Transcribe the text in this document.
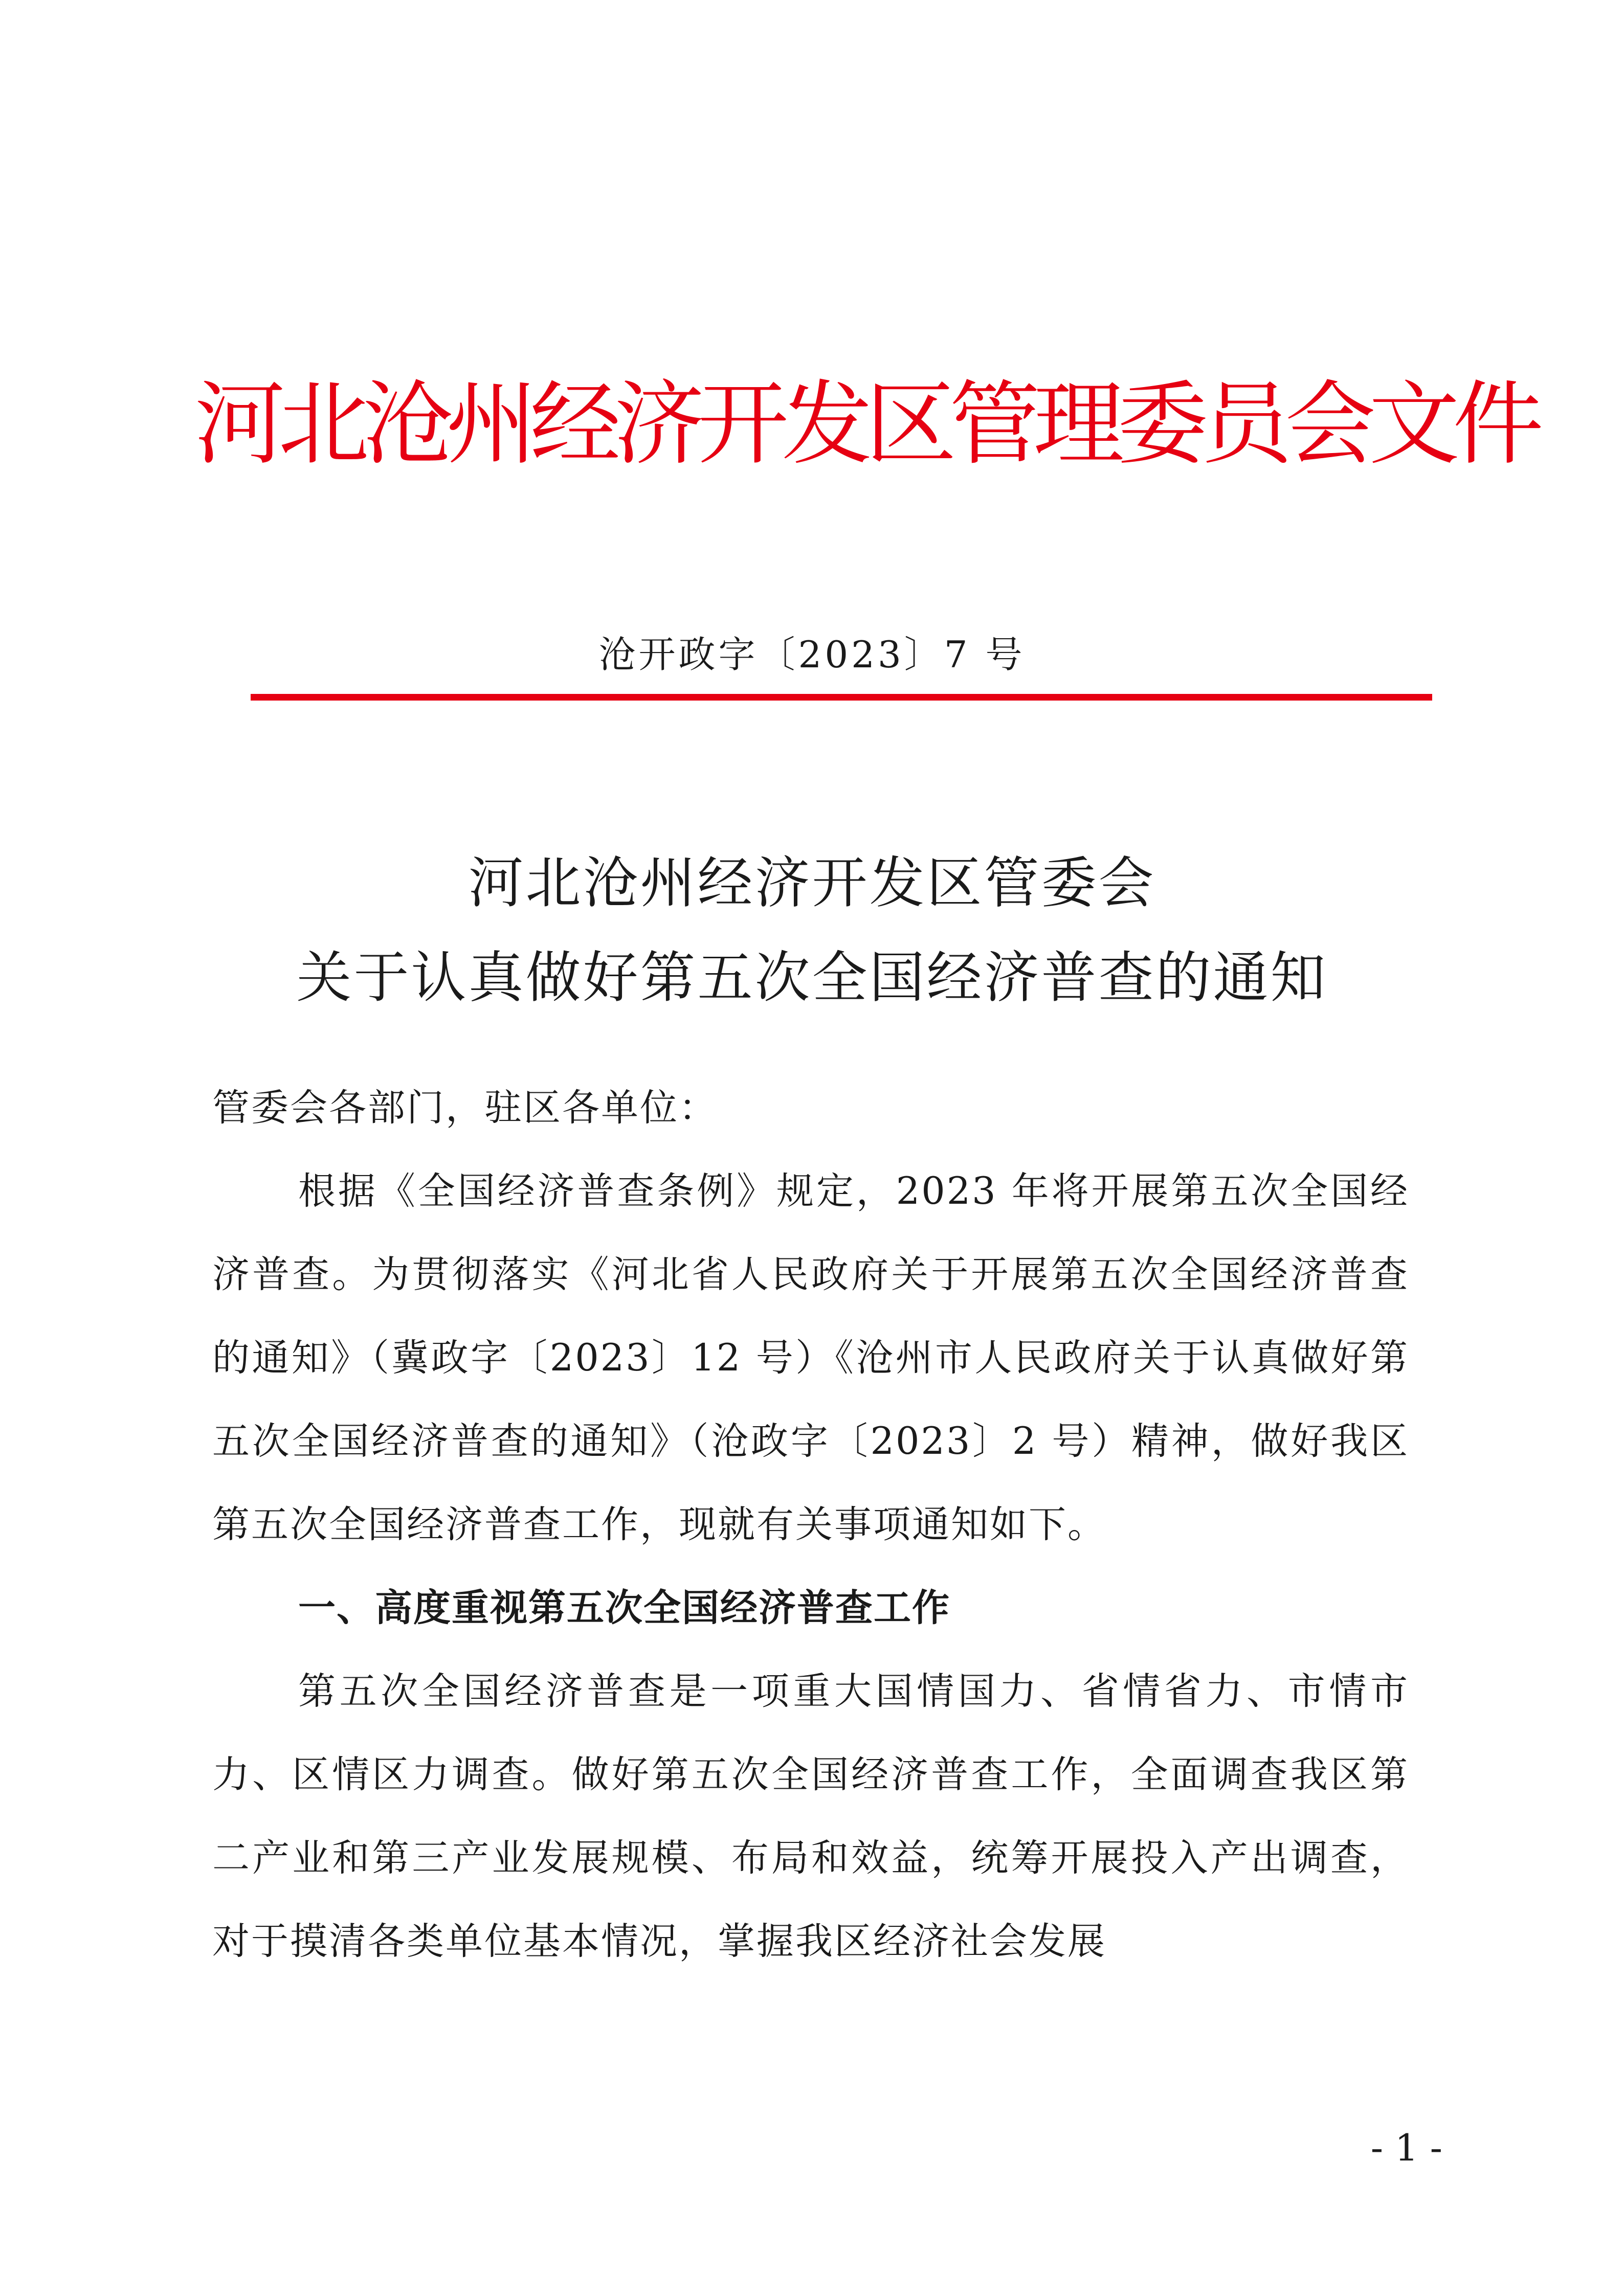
河北沧州经济开发区管理委员会文件
沧开政字〔2023〕7 号
河北沧州经济开发区管委会
关于认真做好第五次全国经济普查的通知

管委会各部门，驻区各单位：

根据《全国经济普查条例》规定，2023 年将开展第五次全国经济普查。为贯彻落实《河北省人民政府关于开展第五次全国经济普查的通知》（冀政字〔2023〕12 号）《沧州市人民政府关于认真做好第五次全国经济普查的通知》（沧政字〔2023〕2 号）精神，做好我区第五次全国经济普查工作，现就有关事项通知如下。

一、高度重视第五次全国经济普查工作

第五次全国经济普查是一项重大国情国力、省情省力、市情市力、区情区力调查。做好第五次全国经济普查工作，全面调查我区第二产业和第三产业发展规模、布局和效益，统筹开展投入产出调查，对于摸清各类单位基本情况，掌握我区经济社会发展

- 1 -
